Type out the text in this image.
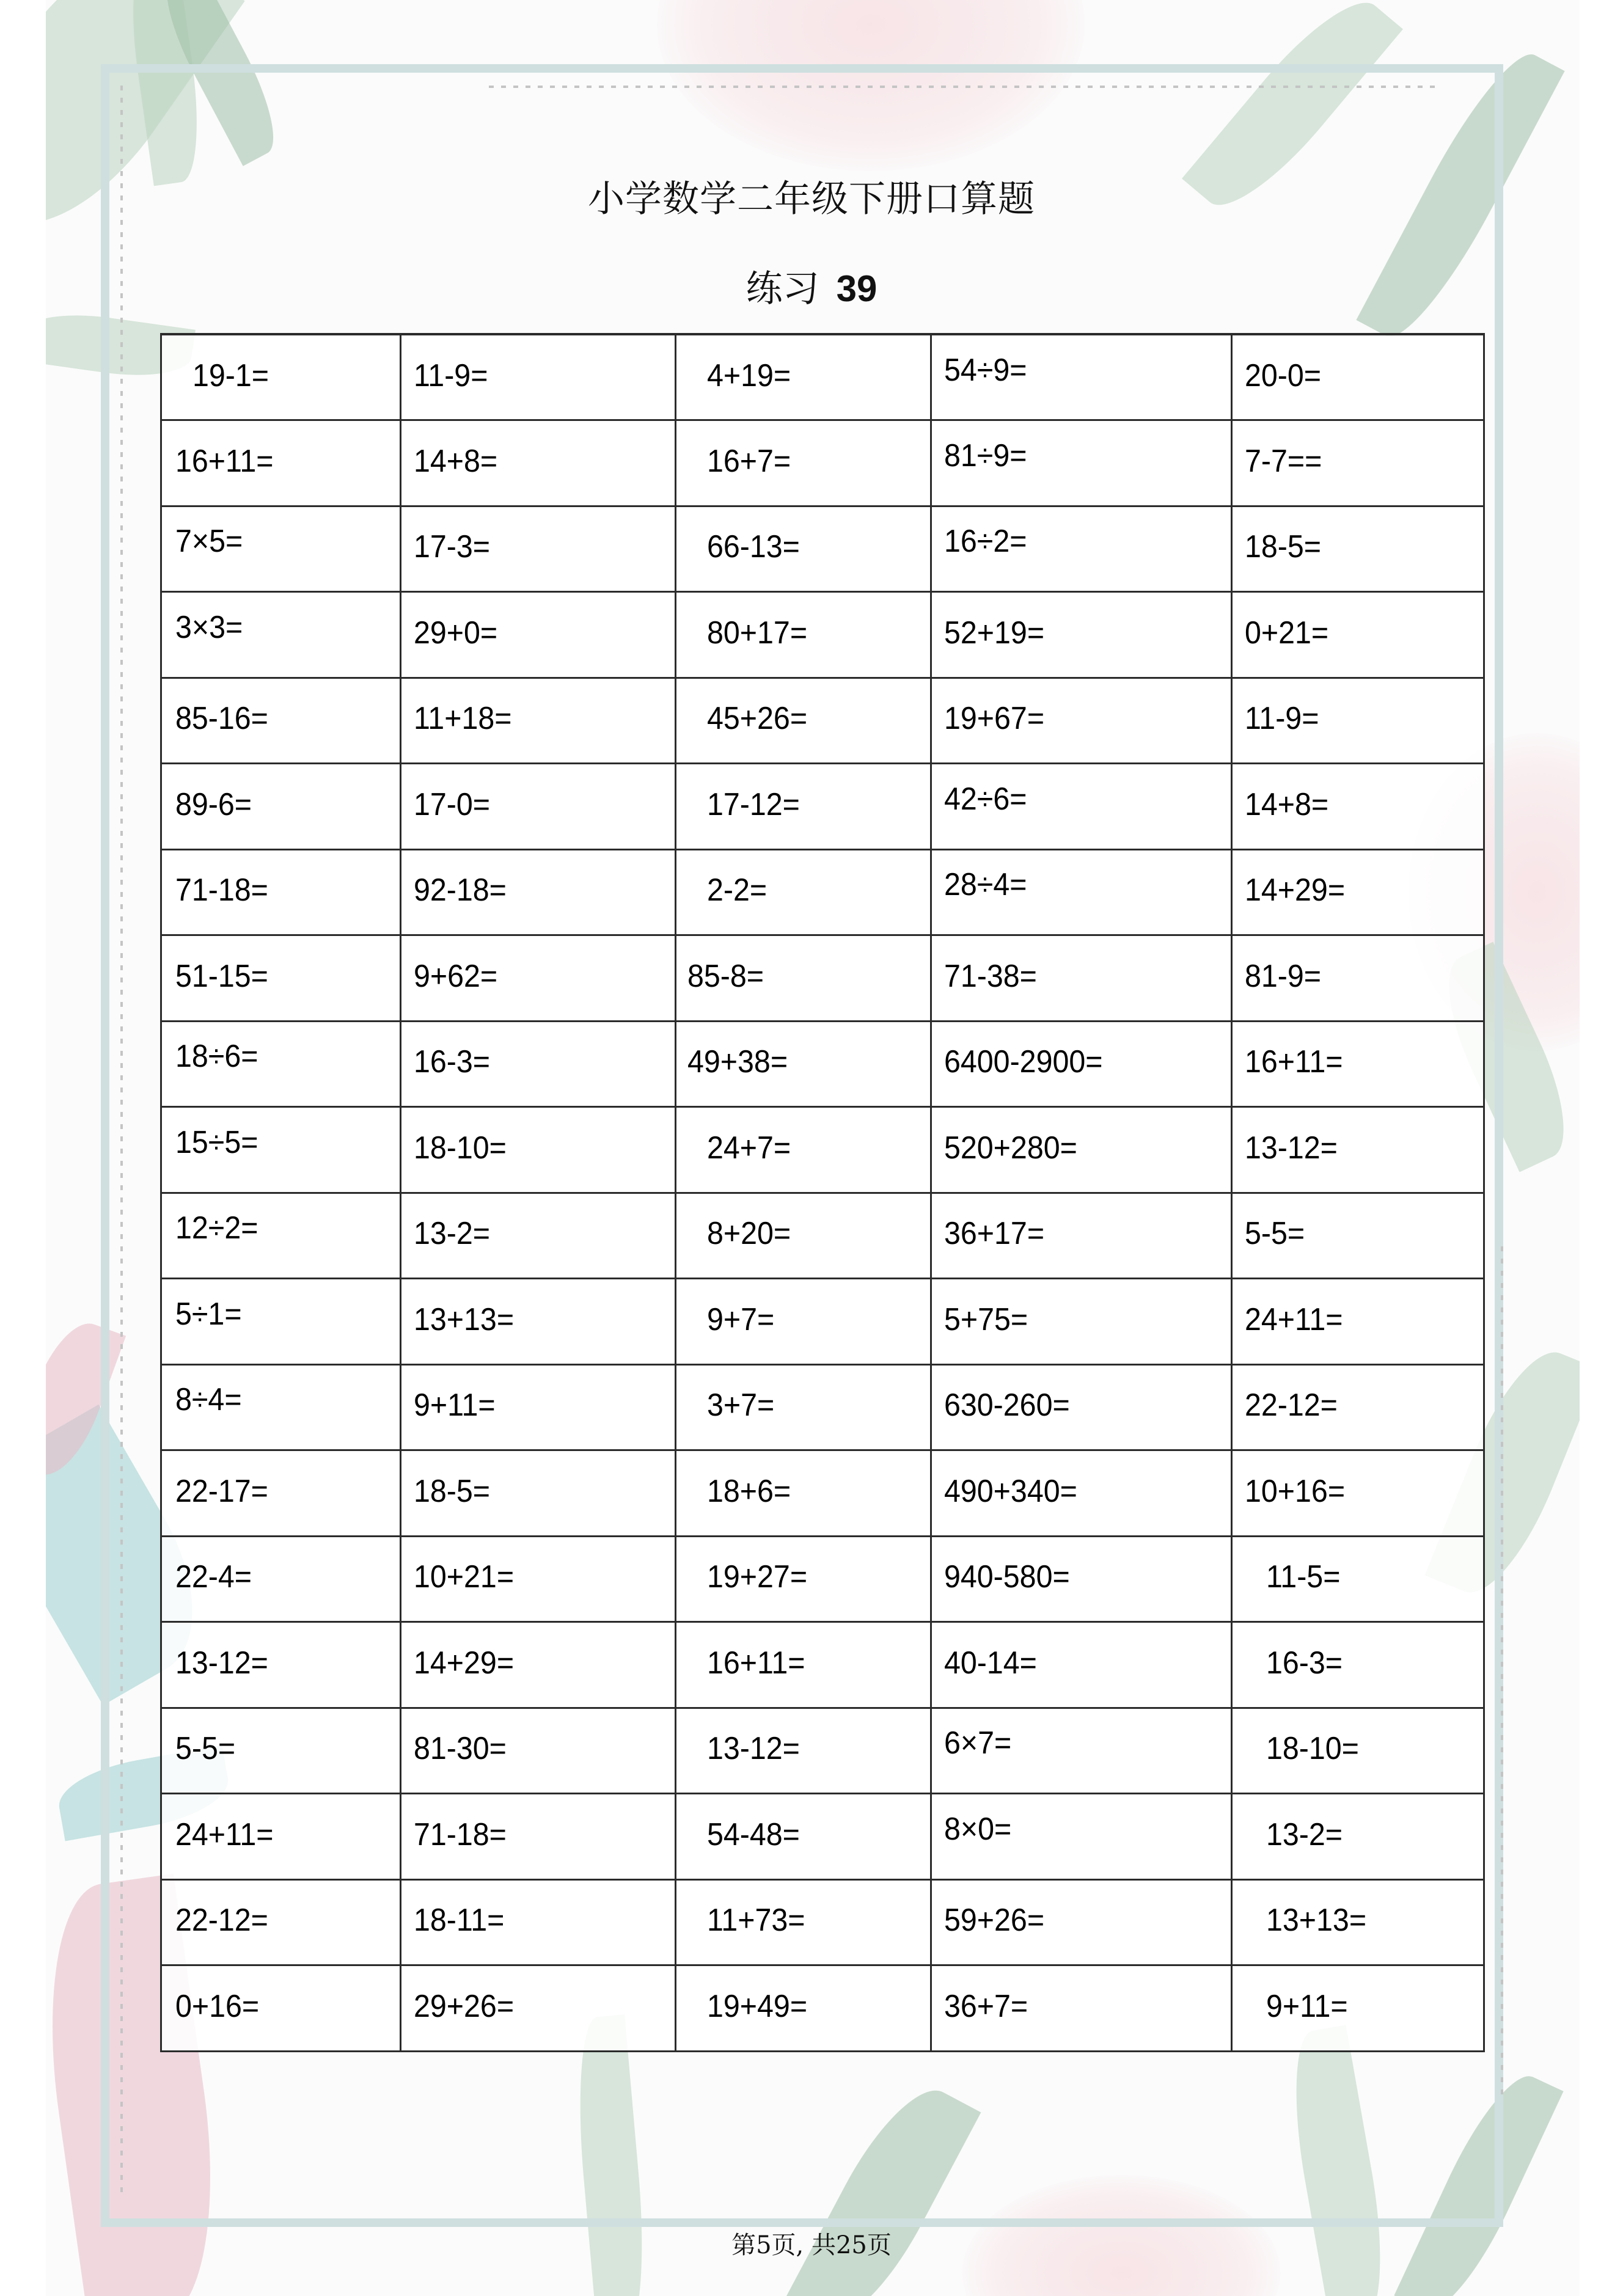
小学数学二年级下册口算题
练习 39
19-1=	11-9=	4+19=	54÷9=	20-0=
16+11=	14+8=	16+7=	81÷9=	7-7==
7×5=	17-3=	66-13=	16÷2=	18-5=
3×3=	29+0=	80+17=	52+19=	0+21=
85-16=	11+18=	45+26=	19+67=	11-9=
89-6=	17-0=	17-12=	42÷6=	14+8=
71-18=	92-18=	2-2=	28÷4=	14+29=
51-15=	9+62=	85-8=	71-38=	81-9=
18÷6=	16-3=	49+38=	6400-2900=	16+11=
15÷5=	18-10=	24+7=	520+280=	13-12=
12÷2=	13-2=	8+20=	36+17=	5-5=
5÷1=	13+13=	9+7=	5+75=	24+11=
8÷4=	9+11=	3+7=	630-260=	22-12=
22-17=	18-5=	18+6=	490+340=	10+16=
22-4=	10+21=	19+27=	940-580=	11-5=
13-12=	14+29=	16+11=	40-14=	16-3=
5-5=	81-30=	13-12=	6×7=	18-10=
24+11=	71-18=	54-48=	8×0=	13-2=
22-12=	18-11=	11+73=	59+26=	13+13=
0+16=	29+26=	19+49=	36+7=	9+11=
第5页, 共25页
